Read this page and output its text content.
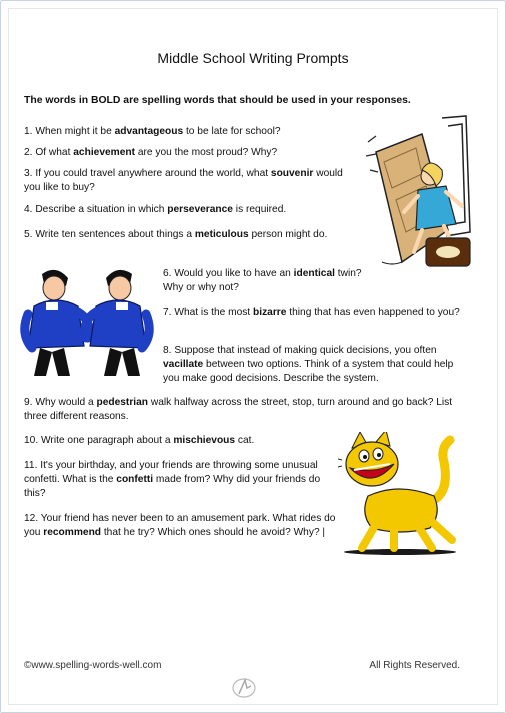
Middle School Writing Prompts
The words in BOLD are spelling words that should be used in your responses.

1. When might it be advantageous to be late for school?

2. Of what achievement are you the most proud? Why?

3. If you could travel anywhere around the world, what souvenir would you like to buy?

4. Describe a situation in which perseverance is required.

5. Write ten sentences about things a meticulous person might do.

6. Would you like to have an identical twin? Why or why not?

7. What is the most bizarre thing that has even happened to you?

8. Suppose that instead of making quick decisions, you often vacillate between two options. Think of a system that could help you make good decisions. Describe the system.

9. Why would a pedestrian walk halfway across the street, stop, turn around and go back? List three different reasons.

10. Write one paragraph about a mischievous cat.

11. It's your birthday, and your friends are throwing some unusual confetti. What is the confetti made from? Why did your friends do this?

12. Your friend has never been to an amusement park. What rides do you recommend that he try? Which ones should he avoid? Why? |

©www.spelling-words-well.com	All Rights Reserved.
